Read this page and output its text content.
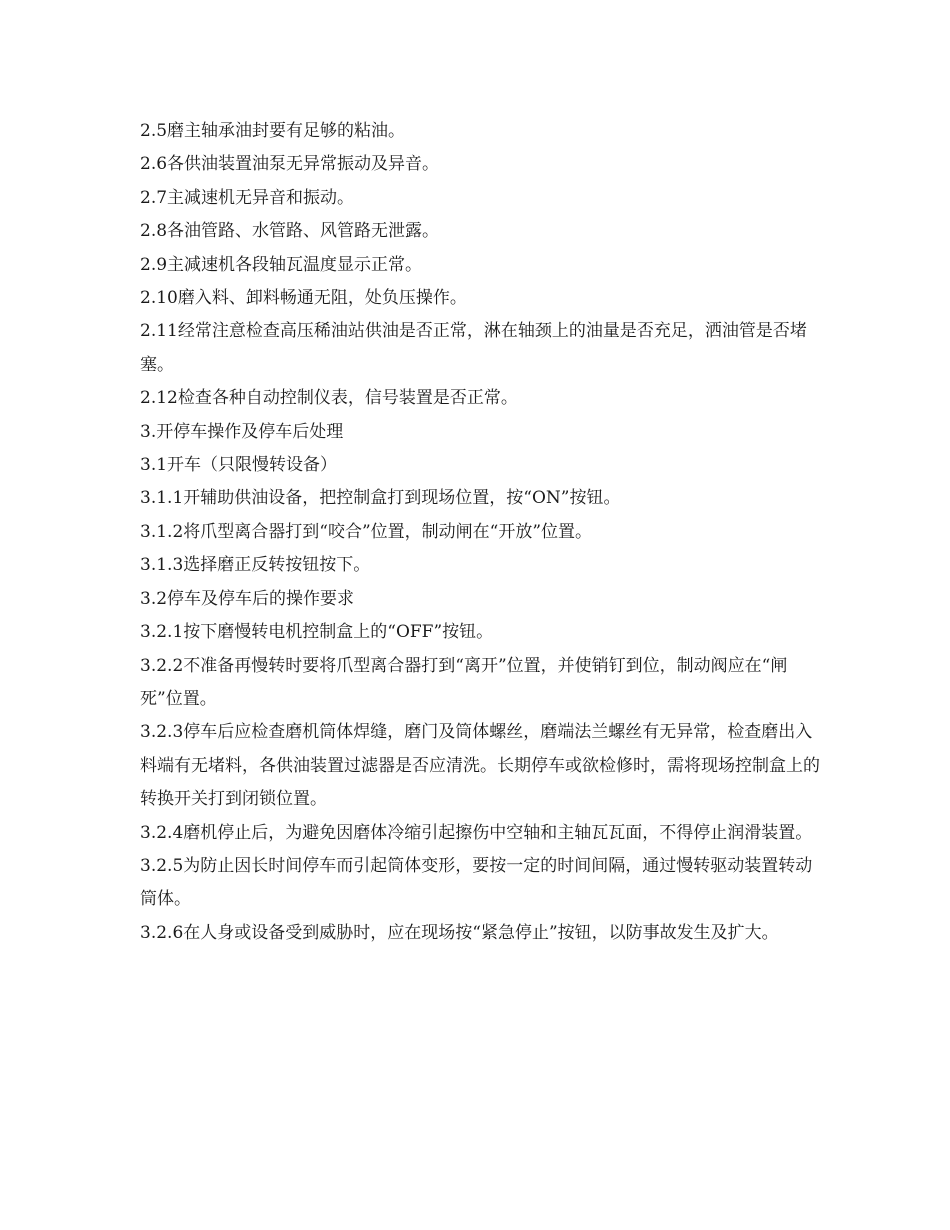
2.5磨主轴承油封要有足够的粘油。

2.6各供油装置油泵无异常振动及异音。

2.7主减速机无异音和振动。

2.8各油管路、水管路、风管路无泄露。

2.9主减速机各段轴瓦温度显示正常。

2.10磨入料、卸料畅通无阻，处负压操作。

2.11经常注意检查高压稀油站供油是否正常，淋在轴颈上的油量是否充足，洒油管是否堵塞。

2.12检查各种自动控制仪表，信号装置是否正常。

3.开停车操作及停车后处理

3.1开车（只限慢转设备）

3.1.1开辅助供油设备，把控制盒打到现场位置，按“ON”按钮。

3.1.2将爪型离合器打到“咬合”位置，制动闸在“开放”位置。

3.1.3选择磨正反转按钮按下。

3.2停车及停车后的操作要求

3.2.1按下磨慢转电机控制盒上的“OFF”按钮。

3.2.2不准备再慢转时要将爪型离合器打到“离开”位置，并使销钉到位，制动阀应在“闸死”位置。

3.2.3停车后应检查磨机筒体焊缝，磨门及筒体螺丝，磨端法兰螺丝有无异常，检查磨出入料端有无堵料，各供油装置过滤器是否应清洗。长期停车或欲检修时，需将现场控制盒上的转换开关打到闭锁位置。

3.2.4磨机停止后，为避免因磨体冷缩引起擦伤中空轴和主轴瓦瓦面，不得停止润滑装置。

3.2.5为防止因长时间停车而引起筒体变形，要按一定的时间间隔，通过慢转驱动装置转动筒体。

3.2.6在人身或设备受到威胁时，应在现场按“紧急停止”按钮，以防事故发生及扩大。
